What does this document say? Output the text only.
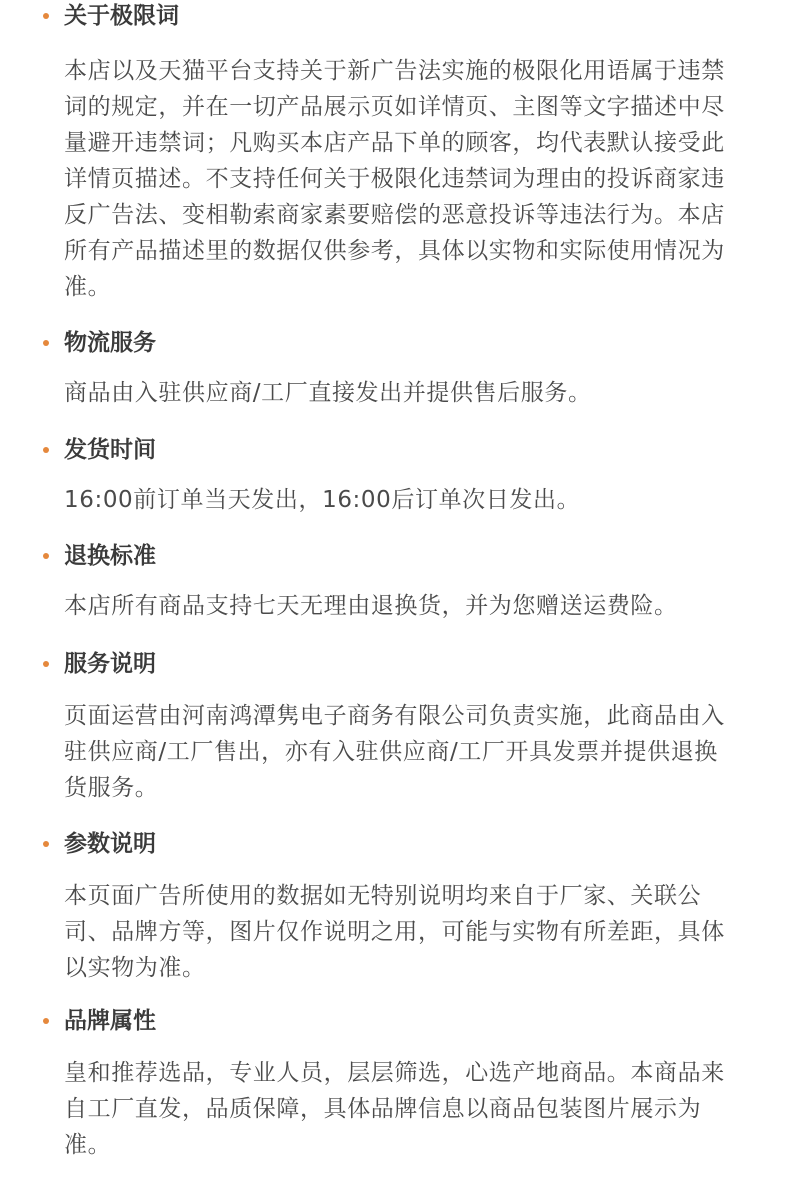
关于极限词
本店以及天猫平台支持关于新广告法实施的极限化用语属于违禁词的规定，并在一切产品展示页如详情页、主图等文字描述中尽量避开违禁词；凡购买本店产品下单的顾客，均代表默认接受此详情页描述。不支持任何关于极限化违禁词为理由的投诉商家违反广告法、变相勒索商家素要赔偿的恶意投诉等违法行为。本店所有产品描述里的数据仅供参考，具体以实物和实际使用情况为准。
物流服务
商品由入驻供应商/工厂直接发出并提供售后服务。
发货时间
16:00前订单当天发出，16:00后订单次日发出。
退换标准
本店所有商品支持七天无理由退换货，并为您赠送运费险。
服务说明
页面运营由河南鸿潭隽电子商务有限公司负责实施，此商品由入驻供应商/工厂售出，亦有入驻供应商/工厂开具发票并提供退换货服务。
参数说明
本页面广告所使用的数据如无特别说明均来自于厂家、关联公司、品牌方等，图片仅作说明之用，可能与实物有所差距，具体以实物为准。
品牌属性
皇和推荐选品，专业人员，层层筛选，心选产地商品。本商品来自工厂直发，品质保障，具体品牌信息以商品包装图片展示为准。
